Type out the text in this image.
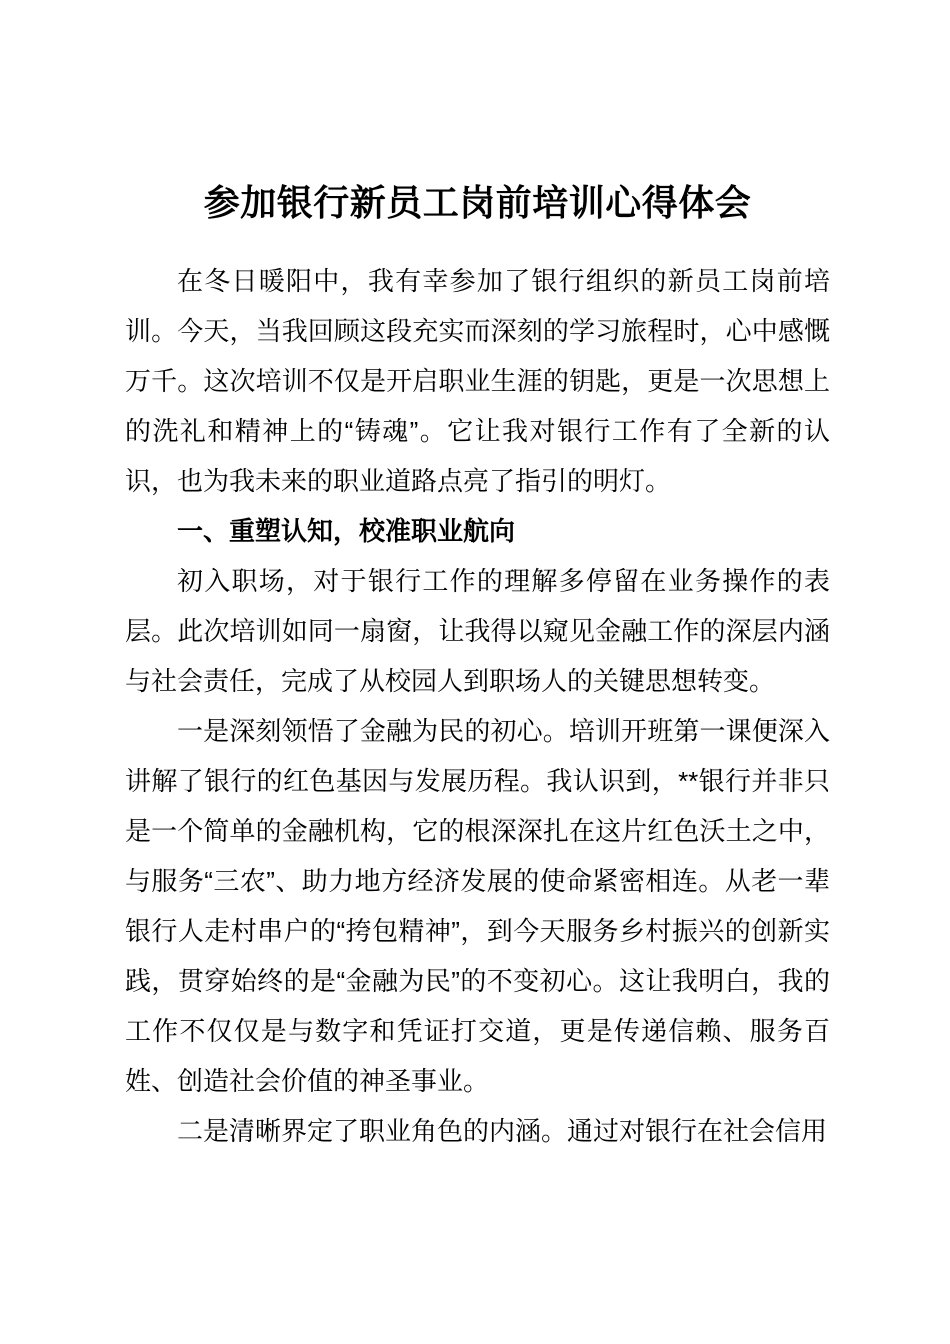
参加银行新员工岗前培训心得体会

在冬日暖阳中，我有幸参加了银行组织的新员工岗前培训。今天，当我回顾这段充实而深刻的学习旅程时，心中感慨万千。这次培训不仅是开启职业生涯的钥匙，更是一次思想上的洗礼和精神上的“铸魂”。它让我对银行工作有了全新的认识，也为我未来的职业道路点亮了指引的明灯。

一、重塑认知，校准职业航向

初入职场，对于银行工作的理解多停留在业务操作的表层。此次培训如同一扇窗，让我得以窥见金融工作的深层内涵与社会责任，完成了从校园人到职场人的关键思想转变。

一是深刻领悟了金融为民的初心。培训开班第一课便深入讲解了银行的红色基因与发展历程。我认识到，**银行并非只是一个简单的金融机构，它的根深深扎在这片红色沃土之中，与服务“三农”、助力地方经济发展的使命紧密相连。从老一辈银行人走村串户的“挎包精神”，到今天服务乡村振兴的创新实践，贯穿始终的是“金融为民”的不变初心。这让我明白，我的工作不仅仅是与数字和凭证打交道，更是传递信赖、服务百姓、创造社会价值的神圣事业。

二是清晰界定了职业角色的内涵。通过对银行在社会信用
